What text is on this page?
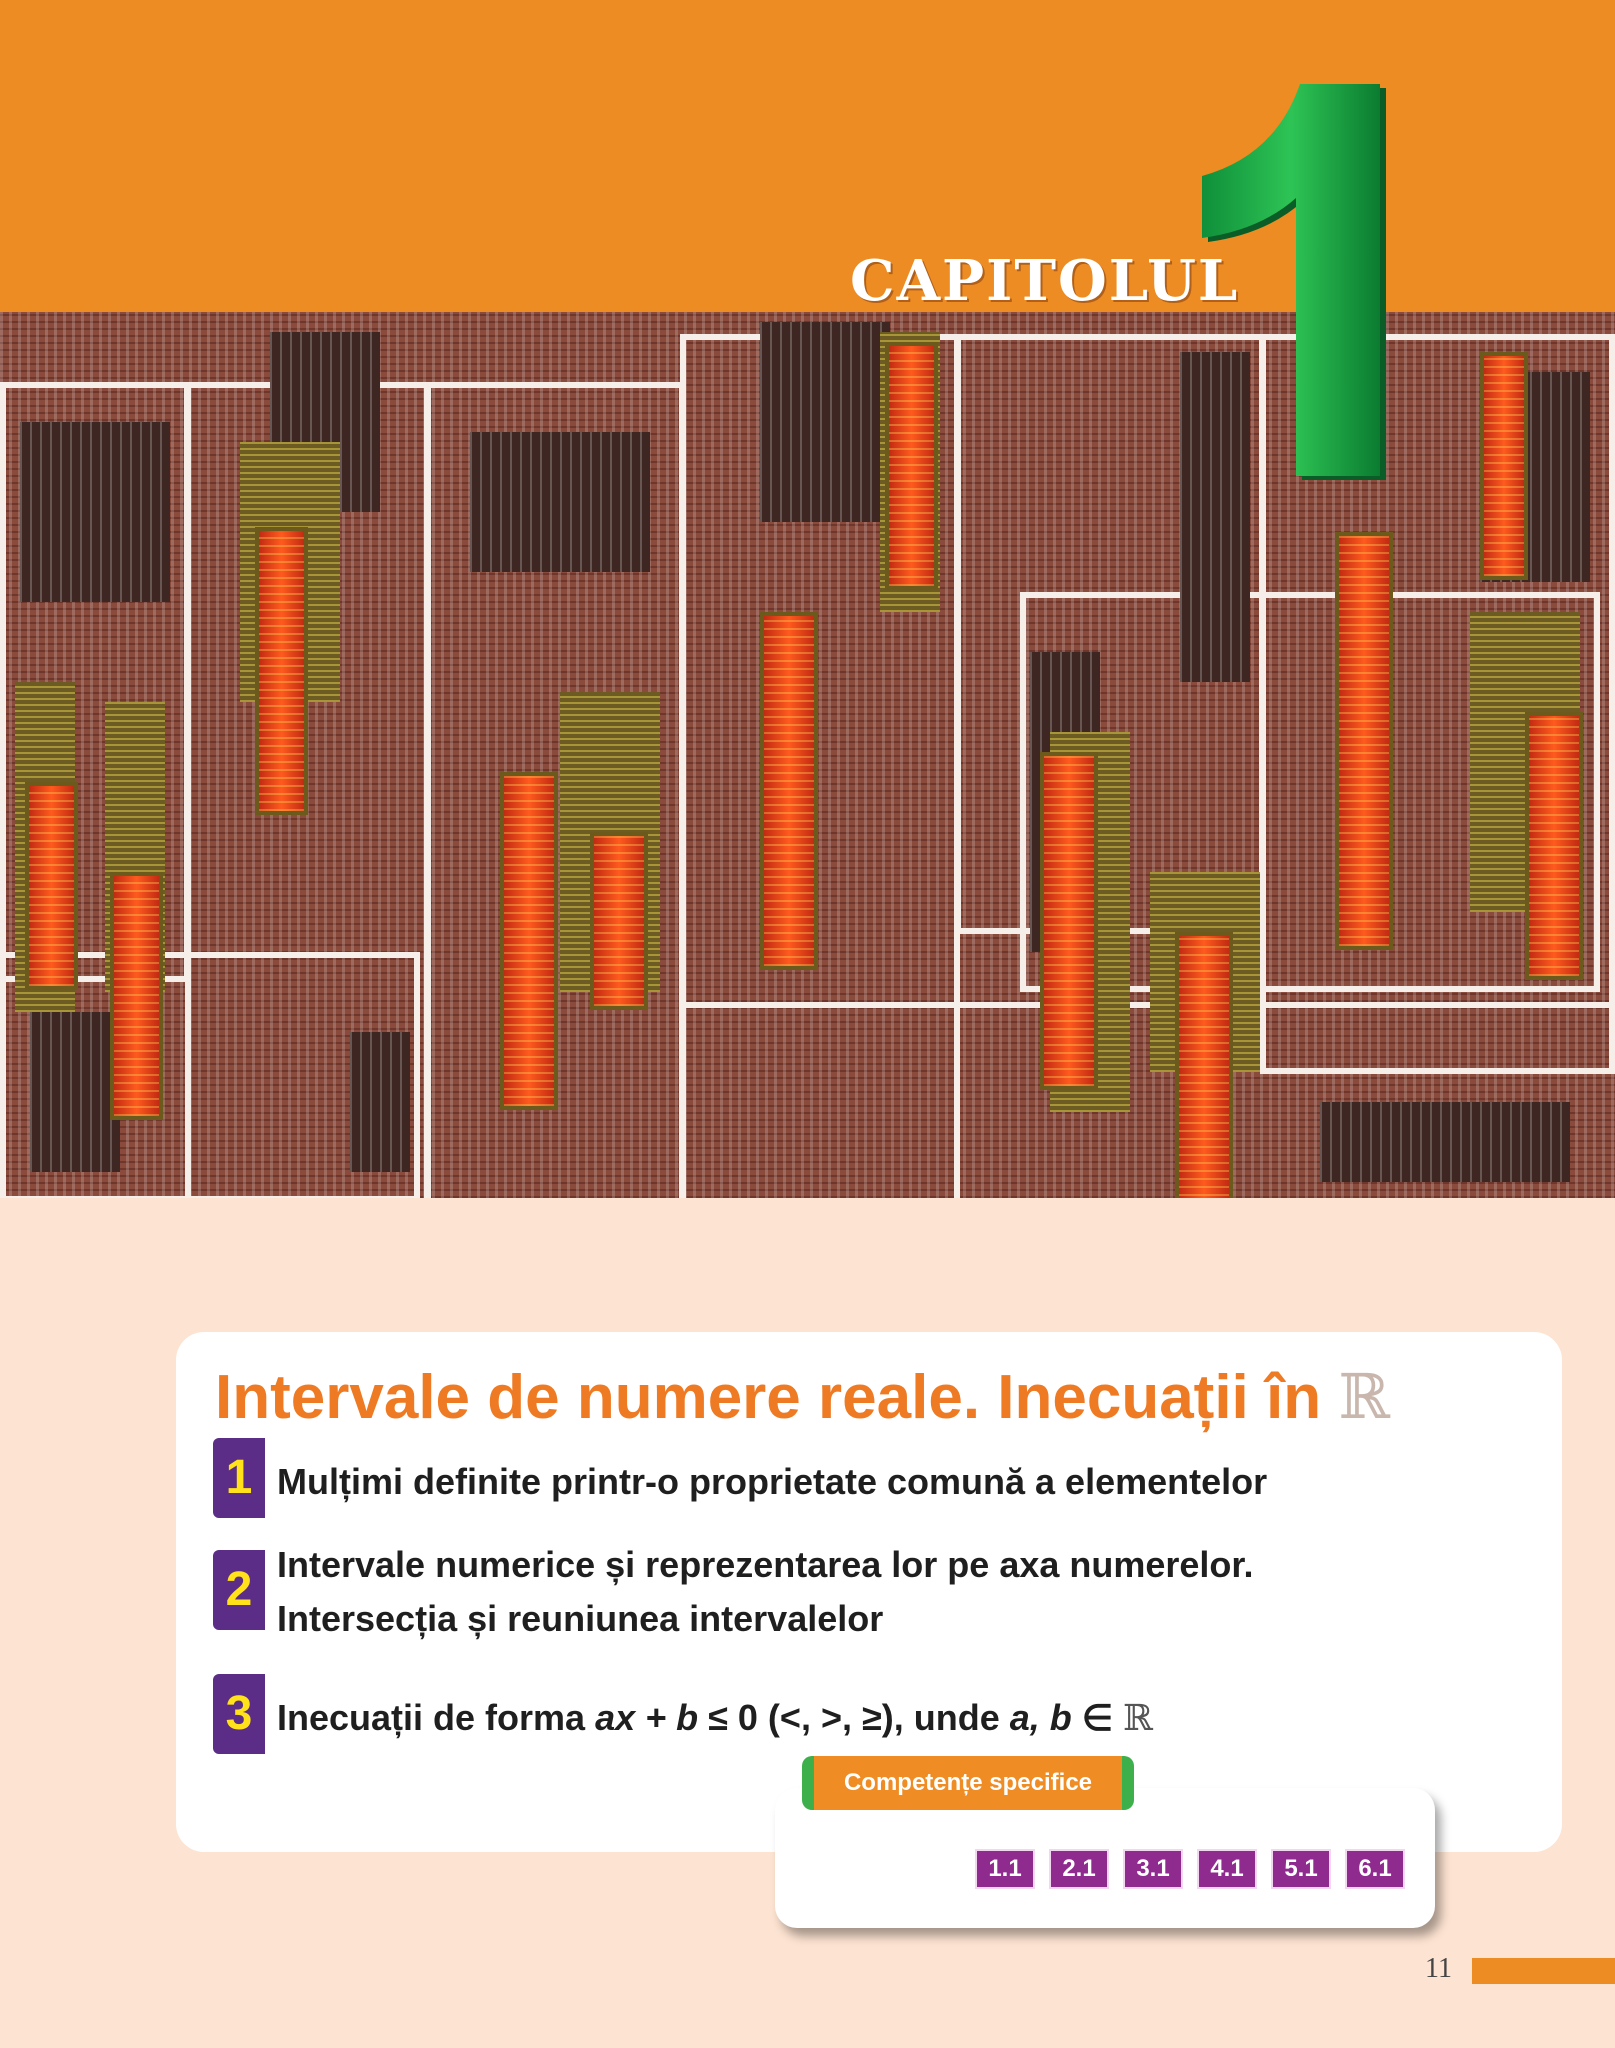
CAPITOLUL
Intervale de numere reale. Inecuații în ℝ
1 Mulțimi definite printr-o proprietate comună a elementelor
2 Intervale numerice și reprezentarea lor pe axa numerelor.
Intersecția și reuniunea intervalelor
3 Inecuații de forma ax + b ≤ 0 (<, >, ≥), unde a, b ∈ ℝ
Competențe specifice
1.1	2.1	3.1	4.1	5.1	6.1
11
